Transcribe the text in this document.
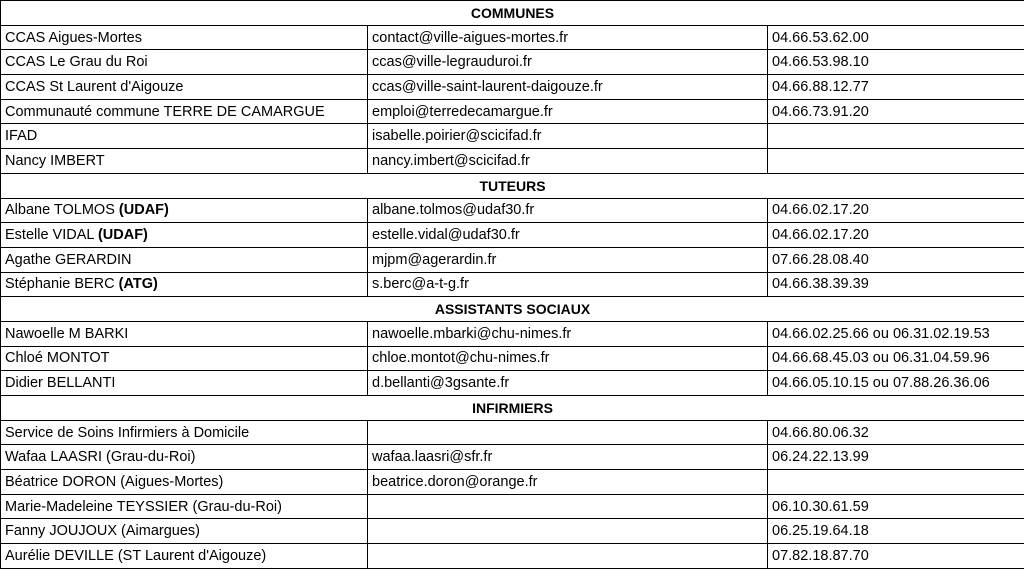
COMMUNES		
CCAS Aigues-Mortes	contact@ville-aigues-mortes.fr	04.66.53.62.00
CCAS Le Grau du Roi	ccas@ville-legrauduroi.fr	04.66.53.98.10
CCAS St Laurent d'Aigouze	ccas@ville-saint-laurent-daigouze.fr	04.66.88.12.77
Communauté commune TERRE DE CAMARGUE	emploi@terredecamargue.fr	04.66.73.91.20
IFAD	isabelle.poirier@scicifad.fr	
Nancy IMBERT	nancy.imbert@scicifad.fr	
TUTEURS		
Albane TOLMOS (UDAF)	albane.tolmos@udaf30.fr	04.66.02.17.20
Estelle VIDAL (UDAF)	estelle.vidal@udaf30.fr	04.66.02.17.20
Agathe GERARDIN	mjpm@agerardin.fr	07.66.28.08.40
Stéphanie BERC (ATG)	s.berc@a-t-g.fr	04.66.38.39.39
ASSISTANTS SOCIAUX		
Nawoelle M BARKI	nawoelle.mbarki@chu-nimes.fr	04.66.02.25.66 ou 06.31.02.19.53
Chloé MONTOT	chloe.montot@chu-nimes.fr	04.66.68.45.03 ou 06.31.04.59.96
Didier BELLANTI	d.bellanti@3gsante.fr	04.66.05.10.15 ou 07.88.26.36.06
INFIRMIERS		
Service de Soins Infirmiers à Domicile		04.66.80.06.32
Wafaa LAASRI (Grau-du-Roi)	wafaa.laasri@sfr.fr	06.24.22.13.99
Béatrice DORON (Aigues-Mortes)	beatrice.doron@orange.fr	
Marie-Madeleine TEYSSIER (Grau-du-Roi)		06.10.30.61.59
Fanny JOUJOUX (Aimargues)		06.25.19.64.18
Aurélie DEVILLE (ST Laurent d'Aigouze)		07.82.18.87.70
